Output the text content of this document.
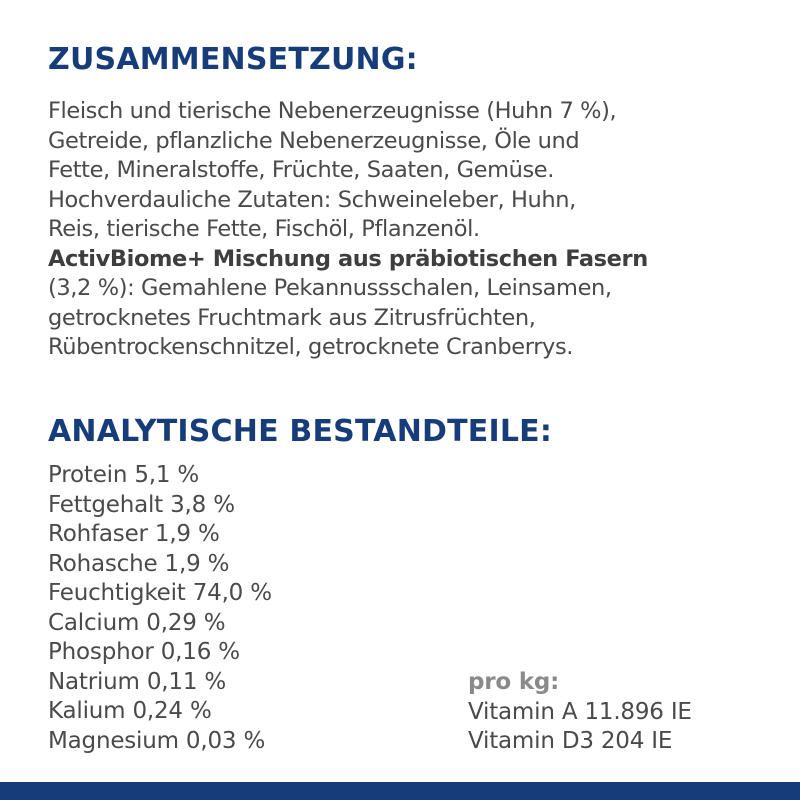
ZUSAMMENSETZUNG:

Fleisch und tierische Nebenerzeugnisse (Huhn 7 %),
Getreide, pflanzliche Nebenerzeugnisse, Öle und
Fette, Mineralstoffe, Früchte, Saaten, Gemüse.
Hochverdauliche Zutaten: Schweineleber, Huhn,
Reis, tierische Fette, Fischöl, Pflanzenöl.
ActivBiome+ Mischung aus präbiotischen Fasern
(3,2 %): Gemahlene Pekannussschalen, Leinsamen,
getrocknetes Fruchtmark aus Zitrusfrüchten,
Rübentrockenschnitzel, getrocknete Cranberrys.

ANALYTISCHE BESTANDTEILE:
Protein 5,1 %
Fettgehalt 3,8 %
Rohfaser 1,9 %
Rohasche 1,9 %
Feuchtigkeit 74,0 %
Calcium 0,29 %
Phosphor 0,16 %
Natrium 0,11 %
Kalium 0,24 %
Magnesium 0,03 %
pro kg:
Vitamin A 11.896 IE
Vitamin D3 204 IE
